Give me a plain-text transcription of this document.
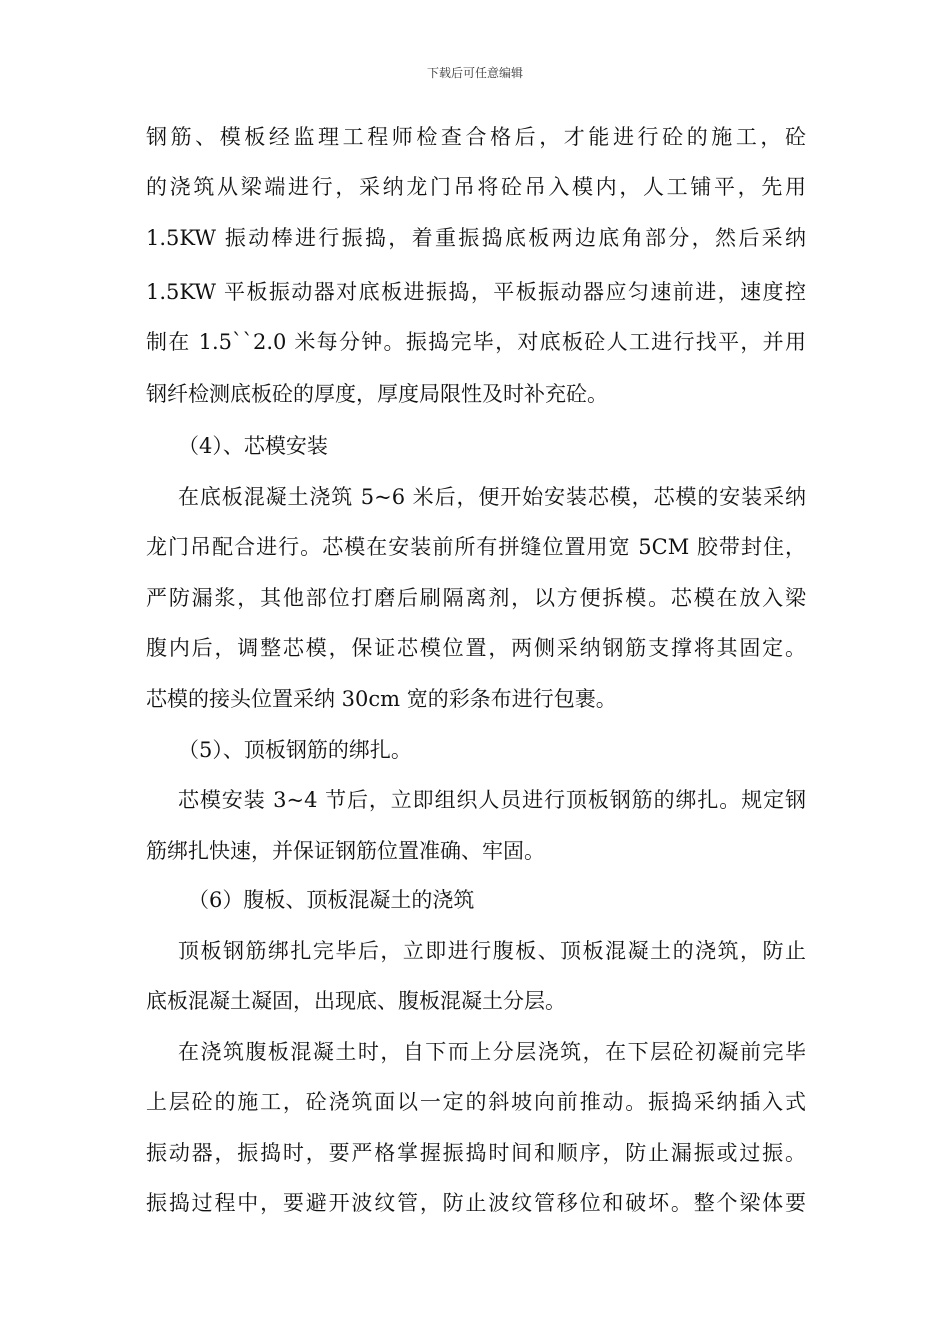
下载后可任意编辑
钢筋、模板经监理工程师检查合格后，才能进行砼的施工，砼
的浇筑从梁端进行，采纳龙门吊将砼吊入模内，人工铺平，先用
1.5KW 振动棒进行振捣，着重振捣底板两边底角部分，然后采纳
1.5KW 平板振动器对底板进振捣，平板振动器应匀速前进，速度控
制在 1.5``2.0 米每分钟。振捣完毕，对底板砼人工进行找平，并用
钢纤检测底板砼的厚度，厚度局限性及时补充砼。
（4）、芯模安装
在底板混凝土浇筑 5~6 米后，便开始安装芯模，芯模的安装采纳
龙门吊配合进行。芯模在安装前所有拼缝位置用宽 5CM 胶带封住，
严防漏浆，其他部位打磨后刷隔离剂，以方便拆模。芯模在放入梁
腹内后，调整芯模，保证芯模位置，两侧采纳钢筋支撑将其固定。
芯模的接头位置采纳 30cm 宽的彩条布进行包裹。
（5）、顶板钢筋的绑扎。
芯模安装 3~4 节后，立即组织人员进行顶板钢筋的绑扎。规定钢
筋绑扎快速，并保证钢筋位置准确、牢固。
（6）腹板、顶板混凝土的浇筑
顶板钢筋绑扎完毕后，立即进行腹板、顶板混凝土的浇筑，防止
底板混凝土凝固，出现底、腹板混凝土分层。
在浇筑腹板混凝土时，自下而上分层浇筑，在下层砼初凝前完毕
上层砼的施工，砼浇筑面以一定的斜坡向前推动。振捣采纳插入式
振动器，振捣时，要严格掌握振捣时间和顺序，防止漏振或过振。
振捣过程中，要避开波纹管，防止波纹管移位和破坏。整个梁体要
